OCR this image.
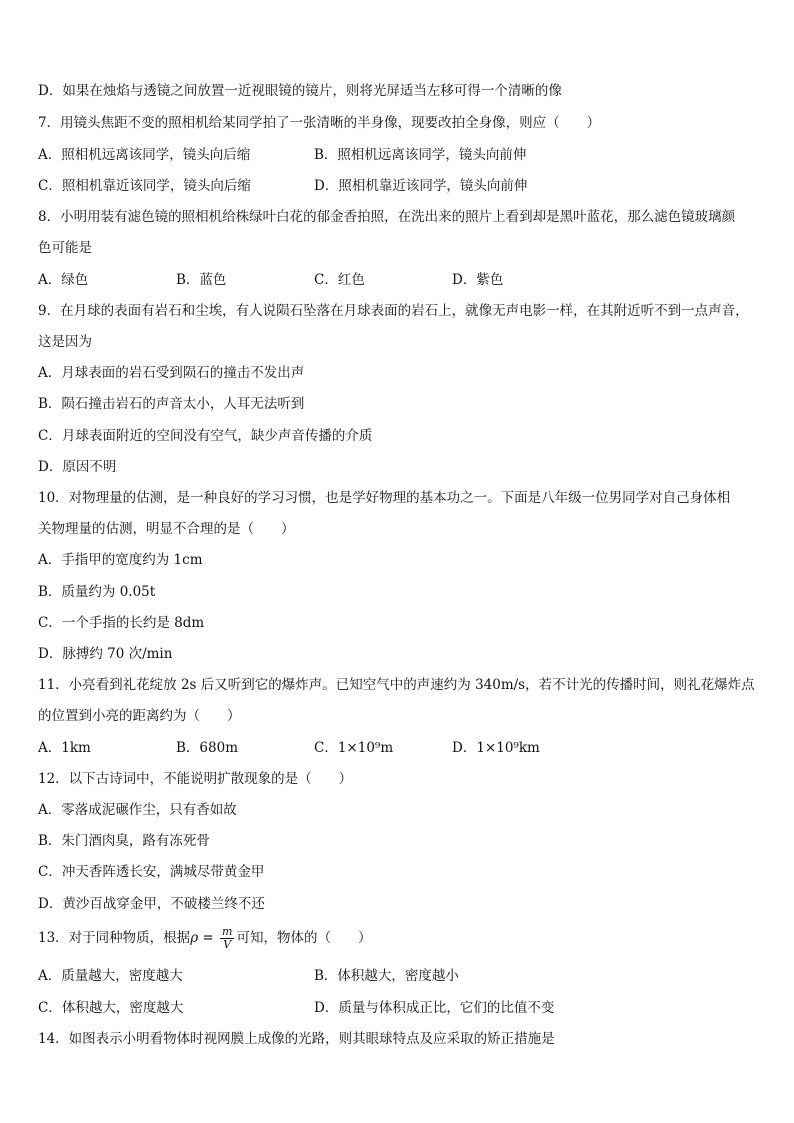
D．如果在烛焰与透镜之间放置一近视眼镜的镜片，则将光屏适当左移可得一个清晰的像
7．用镜头焦距不变的照相机给某同学拍了一张清晰的半身像，现要改拍全身像，则应（　　）
A．照相机远离该同学，镜头向后缩	B．照相机远离该同学，镜头向前伸
C．照相机靠近该同学，镜头向后缩	D．照相机靠近该同学，镜头向前伸
8．小明用装有滤色镜的照相机给株绿叶白花的郁金香拍照，在洗出来的照片上看到却是黑叶蓝花，那么滤色镜玻璃颜
色可能是
A．绿色	B．蓝色	C．红色	D．紫色
9．在月球的表面有岩石和尘埃，有人说陨石坠落在月球表面的岩石上，就像无声电影一样，在其附近听不到一点声音，
这是因为
A．月球表面的岩石受到陨石的撞击不发出声
B．陨石撞击岩石的声音太小，人耳无法听到
C．月球表面附近的空间没有空气，缺少声音传播的介质
D．原因不明
10．对物理量的估测，是一种良好的学习习惯，也是学好物理的基本功之一。下面是八年级一位男同学对自己身体相
关物理量的估测，明显不合理的是（　　）
A．手指甲的宽度约为 1cm
B．质量约为 0.05t
C．一个手指的长约是 8dm
D．脉搏约 70 次/min
11．小亮看到礼花绽放 2s 后又听到它的爆炸声。已知空气中的声速约为 340m/s，若不计光的传播时间，则礼花爆炸点
的位置到小亮的距离约为（　　）
A．1km	B．680m	C．1×10⁹m	D．1×10⁹km
12．以下古诗词中，不能说明扩散现象的是（　　）
A．零落成泥碾作尘，只有香如故
B．朱门酒肉臭，路有冻死骨
C．冲天香阵透长安，满城尽带黄金甲
D．黄沙百战穿金甲，不破楼兰终不还
13．对于同种物质，根据$\rho = \frac{m}{V}$ 可知，物体的（　　）
A．质量越大，密度越大	B．体积越大，密度越小
C．体积越大，密度越大	D．质量与体积成正比，它们的比值不变
14．如图表示小明看物体时视网膜上成像的光路，则其眼球特点及应采取的矫正措施是
